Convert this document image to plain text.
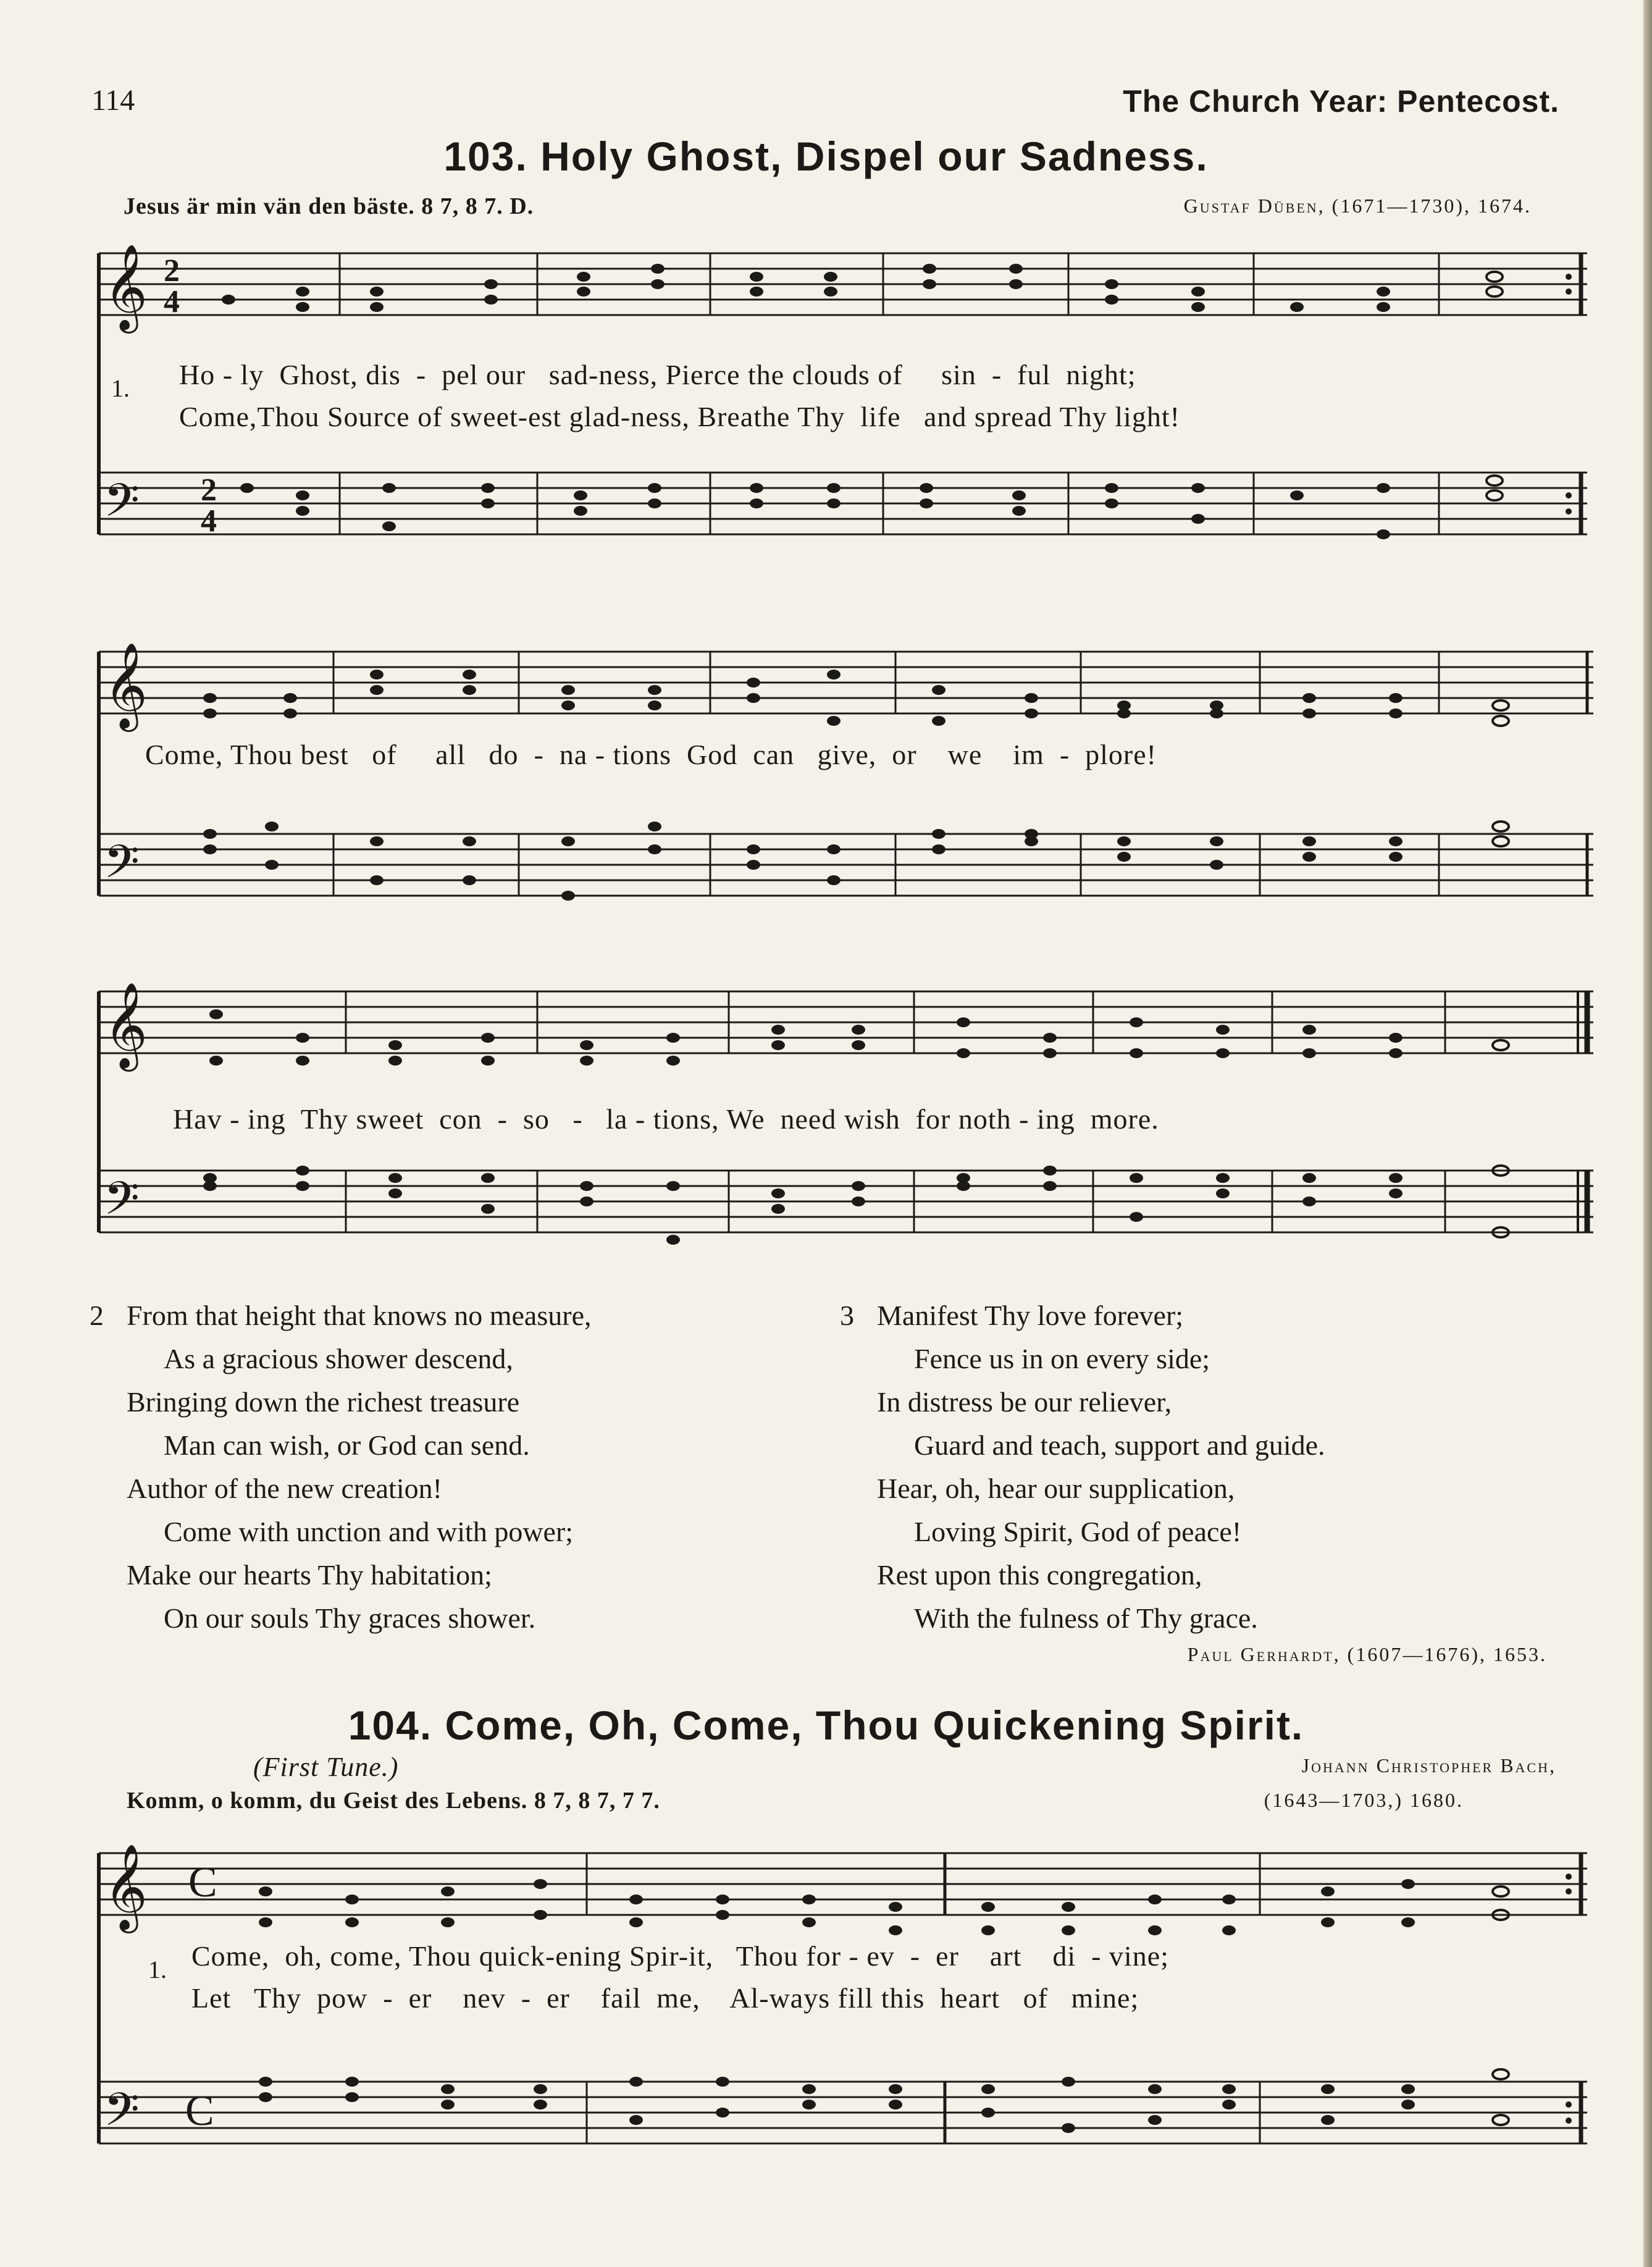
114	The Church Year: Pentecost.
103. Holy Ghost, Dispel our Sadness.
Jesus är min vän den bäste. 8 7, 8 7. D.	Gustaf Düben, (1671—1730), 1674.
𝄞
𝄢
2
4
2
4
1. Ho - ly  Ghost, dis  -  pel our   sad-ness, Pierce the clouds of     sin  -  ful  night;
Come,Thou Source of sweet-est glad-ness, Breathe Thy  life   and spread Thy light!
𝄞
𝄢
Come, Thou best   of     all   do  -  na - tions  God  can   give,  or    we    im  -  plore!
𝄞
𝄢
Hav - ing  Thy sweet  con  -  so   -   la - tions, We  need wish  for noth - ing  more.
2 From that height that knows no measure,
As a gracious shower descend,
Bringing down the richest treasure
Man can wish, or God can send.
Author of the new creation!
Come with unction and with power;
Make our hearts Thy habitation;
On our souls Thy graces shower.
3 Manifest Thy love forever;
Fence us in on every side;
In distress be our reliever,
Guard and teach, support and guide.
Hear, oh, hear our supplication,
Loving Spirit, God of peace!
Rest upon this congregation,
With the fulness of Thy grace.
Paul Gerhardt, (1607—1676), 1653.
104. Come, Oh, Come, Thou Quickening Spirit.
(First Tune.)	Johann Christopher Bach,
Komm, o komm, du Geist des Lebens. 8 7, 8 7, 7 7.	(1643—1703,) 1680.
𝄞
𝄢
C
C
1. Come,  oh, come, Thou quick-ening Spir-it,   Thou for - ev  -  er    art    di  - vine;
Let   Thy  pow  -  er    nev  -  er    fail  me,    Al-ways fill this  heart   of   mine;
